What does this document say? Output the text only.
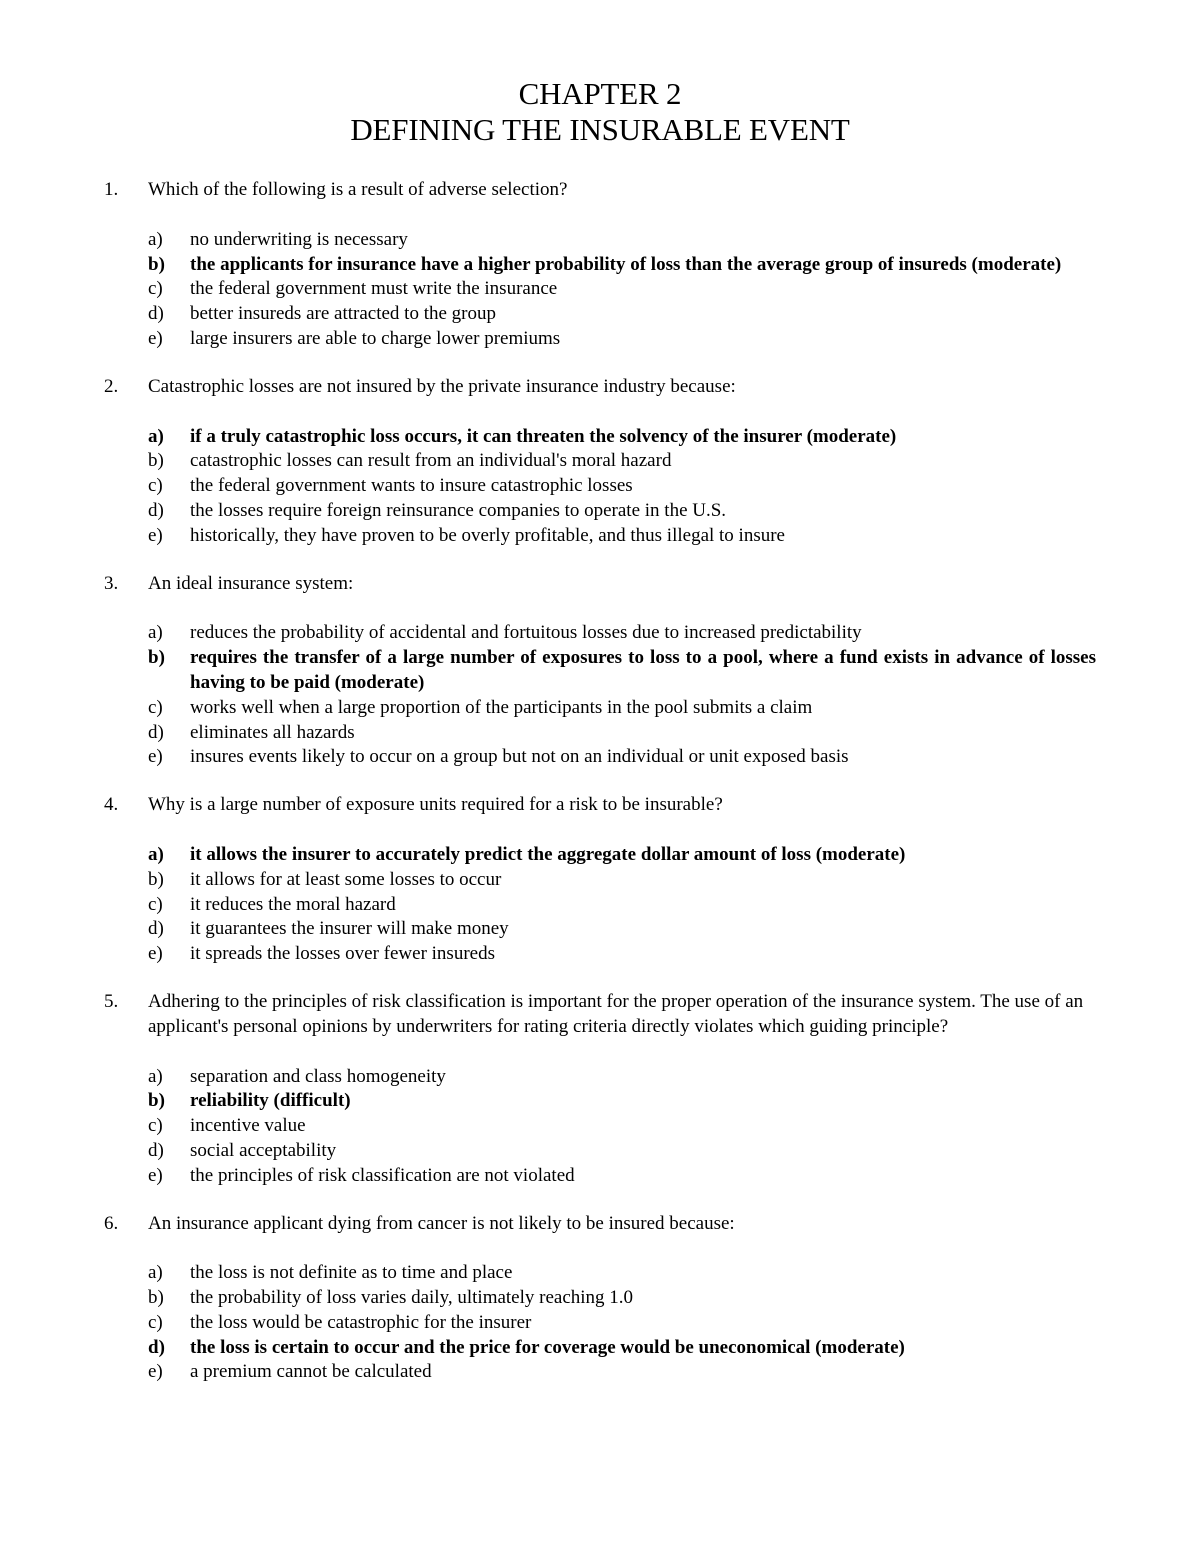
CHAPTER 2
DEFINING THE INSURABLE EVENT
1. Which of the following is a result of adverse selection?
a) no underwriting is necessary
b) the applicants for insurance have a higher probability of loss than the average group of insureds (moderate)
c) the federal government must write the insurance
d) better insureds are attracted to the group
e) large insurers are able to charge lower premiums
2. Catastrophic losses are not insured by the private insurance industry because:
a) if a truly catastrophic loss occurs, it can threaten the solvency of the insurer (moderate)
b) catastrophic losses can result from an individual's moral hazard
c) the federal government wants to insure catastrophic losses
d) the losses require foreign reinsurance companies to operate in the U.S.
e) historically, they have proven to be overly profitable, and thus illegal to insure
3. An ideal insurance system:
a) reduces the probability of accidental and fortuitous losses due to increased predictability
b) requires the transfer of a large number of exposures to loss to a pool, where a fund exists in advance of losses having to be paid (moderate)
c) works well when a large proportion of the participants in the pool submits a claim
d) eliminates all hazards
e) insures events likely to occur on a group but not on an individual or unit exposed basis
4. Why is a large number of exposure units required for a risk to be insurable?
a) it allows the insurer to accurately predict the aggregate dollar amount of loss (moderate)
b) it allows for at least some losses to occur
c) it reduces the moral hazard
d) it guarantees the insurer will make money
e) it spreads the losses over fewer insureds
5. Adhering to the principles of risk classification is important for the proper operation of the insurance system. The use of an applicant's personal opinions by underwriters for rating criteria directly violates which guiding principle?
a) separation and class homogeneity
b) reliability (difficult)
c) incentive value
d) social acceptability
e) the principles of risk classification are not violated
6. An insurance applicant dying from cancer is not likely to be insured because:
a) the loss is not definite as to time and place
b) the probability of loss varies daily, ultimately reaching 1.0
c) the loss would be catastrophic for the insurer
d) the loss is certain to occur and the price for coverage would be uneconomical (moderate)
e) a premium cannot be calculated
